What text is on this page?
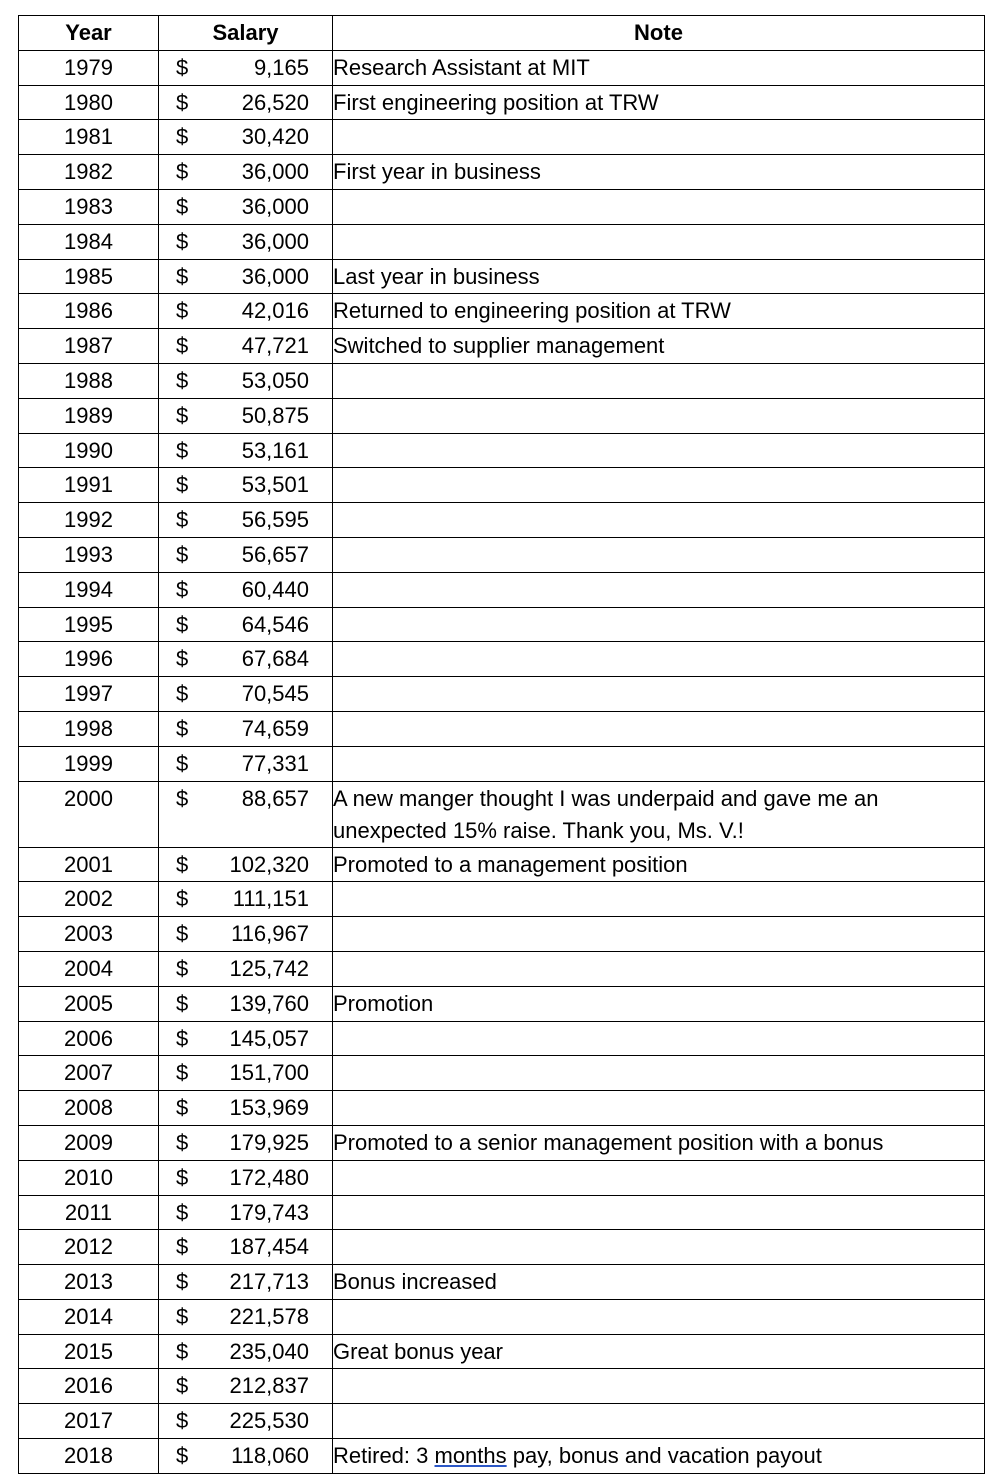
Year	Salary	Note
1979	$ 9,165	Research Assistant at MIT
1980	$ 26,520	First engineering position at TRW
1981	$ 30,420	

1982	$ 36,000	First year in business
1983	$ 36,000	

1984	$ 36,000	

1985	$ 36,000	Last year in business
1986	$ 42,016	Returned to engineering position at TRW
1987	$ 47,721	Switched to supplier management
1988	$ 53,050	

1989	$ 50,875	

1990	$ 53,161	

1991	$ 53,501	

1992	$ 56,595	

1993	$ 56,657	

1994	$ 60,440	

1995	$ 64,546	

1996	$ 67,684	

1997	$ 70,545	

1998	$ 74,659	

1999	$ 77,331	

2000	$ 88,657	A new manger thought I was underpaid and gave me an unexpected 15% raise. Thank you, Ms. V.!
2001	$ 102,320	Promoted to a management position
2002	$ 111,151	

2003	$ 116,967	

2004	$ 125,742	

2005	$ 139,760	Promotion
2006	$ 145,057	

2007	$ 151,700	

2008	$ 153,969	

2009	$ 179,925	Promoted to a senior management position with a bonus
2010	$ 172,480	

2011	$ 179,743	

2012	$ 187,454	

2013	$ 217,713	Bonus increased
2014	$ 221,578	

2015	$ 235,040	Great bonus year
2016	$ 212,837	

2017	$ 225,530	

2018	$ 118,060	Retired: 3 months pay, bonus and vacation payout
